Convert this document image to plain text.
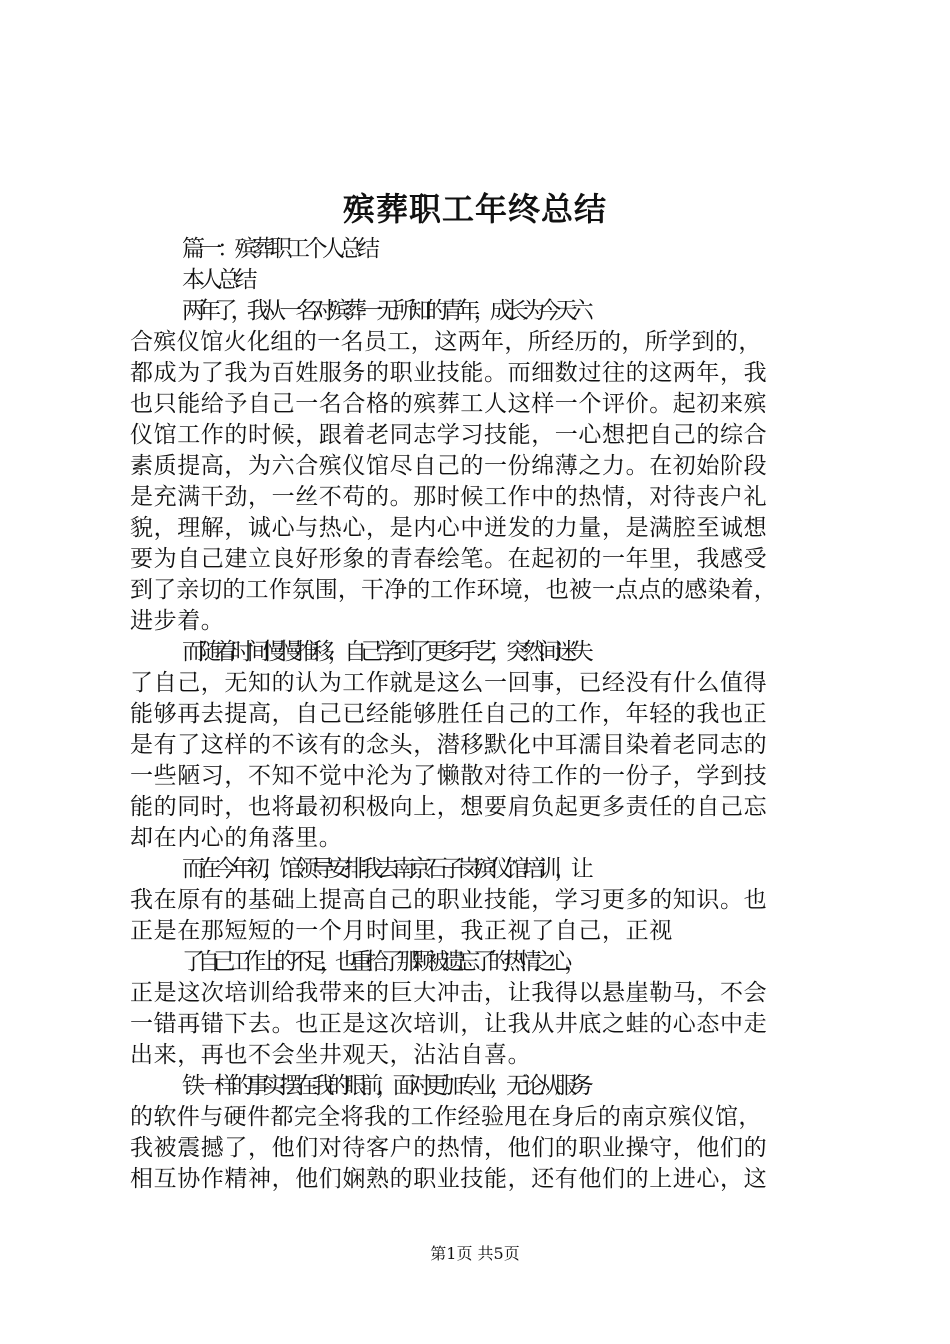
殡葬职工年终总结
篇一：殡葬职工个人总结
本人总结
两年了，我从一名对殡葬一无所知的青年，成长为今天六
合殡仪馆火化组的一名员工，这两年，所经历的，所学到的，
都成为了我为百姓服务的职业技能。而细数过往的这两年，我
也只能给予自己一名合格的殡葬工人这样一个评价。起初来殡
仪馆工作的时候，跟着老同志学习技能，一心想把自己的综合
素质提高，为六合殡仪馆尽自己的一份绵薄之力。在初始阶段
是充满干劲，一丝不苟的。那时候工作中的热情，对待丧户礼
貌，理解，诚心与热心，是内心中迸发的力量，是满腔至诚想
要为自己建立良好形象的青春绘笔。在起初的一年里，我感受
到了亲切的工作氛围，干净的工作环境，也被一点点的感染着，
进步着。
而随着时间慢慢推移，自己学到了更多手艺，突然间迷失
了自己，无知的认为工作就是这么一回事，已经没有什么值得
能够再去提高，自己已经能够胜任自己的工作，年轻的我也正
是有了这样的不该有的念头，潜移默化中耳濡目染着老同志的
一些陋习，不知不觉中沦为了懒散对待工作的一份子，学到技
能的同时，也将最初积极向上，想要肩负起更多责任的自己忘
却在内心的角落里。
而在今年初，馆领导安排我去南京石子岗殡仪馆培训，让
我在原有的基础上提高自己的职业技能，学习更多的知识。也
正是在那短短的一个月时间里，我正视了自己，正视
了自己工作上的不足，也重拾了那颗被遗忘了的热情之心，
正是这次培训给我带来的巨大冲击，让我得以悬崖勒马，不会
一错再错下去。也正是这次培训，让我从井底之蛙的心态中走
出来，再也不会坐井观天，沾沾自喜。
铁一样的事实摆在我的眼前，面对更加专业，无论从服务
的软件与硬件都完全将我的工作经验甩在身后的南京殡仪馆，
我被震撼了，他们对待客户的热情，他们的职业操守，他们的
相互协作精神，他们娴熟的职业技能，还有他们的上进心，这
第1页 共5页
